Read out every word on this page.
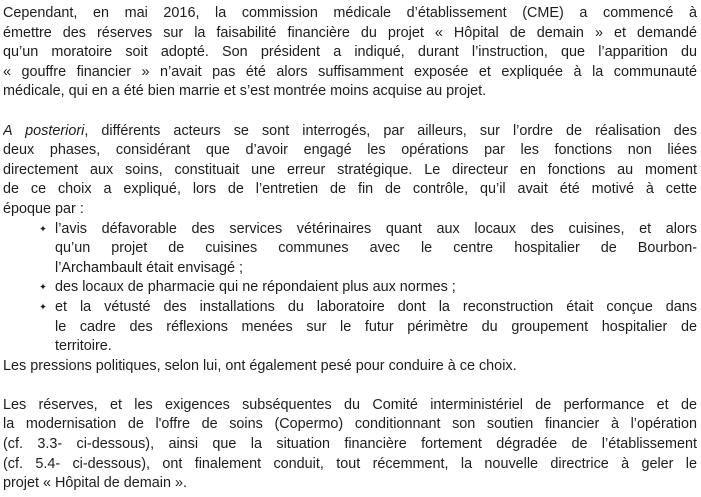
Cependant, en mai 2016, la commission médicale d’établissement (CME) a commencé à
émettre des réserves sur la faisabilité financière du projet « Hôpital de demain » et demandé
qu’un moratoire soit adopté. Son président a indiqué, durant l’instruction, que l’apparition du
« gouffre financier » n’avait pas été alors suffisamment exposée et expliquée à la communauté
médicale, qui en a été bien marrie et s’est montrée moins acquise au projet.
A posteriori, différents acteurs se sont interrogés, par ailleurs, sur l’ordre de réalisation des
deux phases, considérant que d’avoir engagé les opérations par les fonctions non liées
directement aux soins, constituait une erreur stratégique. Le directeur en fonctions au moment
de ce choix a expliqué, lors de l’entretien de fin de contrôle, qu’il avait été motivé à cette
époque par :
✦ l’avis défavorable des services vétérinaires quant aux locaux des cuisines, et alors
qu’un projet de cuisines communes avec le centre hospitalier de Bourbon-
l’Archambault était envisagé ;
✦ des locaux de pharmacie qui ne répondaient plus aux normes ;
✦ et la vétusté des installations du laboratoire dont la reconstruction était conçue dans
le cadre des réflexions menées sur le futur périmètre du groupement hospitalier de
territoire.
Les pressions politiques, selon lui, ont également pesé pour conduire à ce choix.
Les réserves, et les exigences subséquentes du Comité interministériel de performance et de
la modernisation de l'offre de soins (Copermo) conditionnant son soutien financier à l’opération
(cf. 3.3- ci-dessous), ainsi que la situation financière fortement dégradée de l’établissement
(cf. 5.4- ci-dessous), ont finalement conduit, tout récemment, la nouvelle directrice à geler le
projet « Hôpital de demain ».
